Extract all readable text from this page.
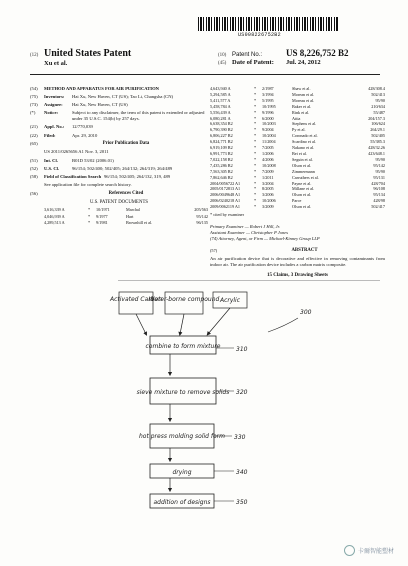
US008226752B2
(12) United States Patent
Xu et al.
(10) Patent No.:	US 8,226,752 B2
(45) Date of Patent:	Jul. 24, 2012
(54)	METHOD AND APPARATUS FOR AIR PURIFICATION
(75)	Inventors:	Hai Xu, New Haven, CT (US); Tao Li, Changsha (CN)
(73)	Assignee:	Hai Xu, New Haven, CT (US)
(*)	Notice:	Subject to any disclaimer, the term of this patent is extended or adjusted under 35 U.S.C. 154(b) by 257 days.
(21)	Appl. No.:	12/770,039
(22)	Filed:	Apr. 29, 2010
(65)	Prior Publication Data
US 2011/0265656 A1 Nov. 3, 2011
(51)	Int. Cl.	B01D 53/02 (2006.01)
(52)	U.S. Cl.	96/154; 502/400; 502/405; 264/132; 264/319; 264/489
(58)	Field of Classification Search 96/154; 502/405; 264/132, 319, 489
See application file for complete search history.
(56)	References Cited
U.S. PATENT DOCUMENTS
3,616,339 A	*	10/1971	Marchal	205/563
4,046,939 A	*	9/1977	Hart	95/142
4,289,513 A	*	9/1981	Brownhill et al.	96/135
4,643,940 A	*	2/1987	Shaw et al.	428/308.4
5,294,585 A	*	3/1994	Morean et al.	502/413
5,411,577 A	*	5/1995	Moreau et al.	95/90
5,458,784 A	*	10/1995	Baker et al.	210/634
5,556,439 A	*	9/1996	Rink et al.	55/487
6,080,281 A	*	6/2000	Attia	204/157.3
6,638,354 B2	*	10/2003	Stephens et al.	106/624
6,790,390 B2	*	9/2004	Py et al.	264/29.1
6,806,227 B2	*	10/2004	Coronado et al.	502/405
6,824,771 B2	*	11/2004	Scardino et al.	55/385.3
6,919,109 B2	*	7/2005	Nakano et al.	428/32.26
6,991,773 B2	*	1/2006	Bei et al.	423/648.1
7,022,158 B2	*	4/2006	Seguin et al.	95/90
7,435,286 B2	*	10/2008	Olson et al.	95/142
7,563,305 B2	*	7/2009	Zimmermann	95/90
7,862,646 B2	*	1/2011	Carruthers et al.	95/131
2004/0056722 A1	*	3/2004	Payne et al.	428/704
2005/0172813 A1	*	8/2005	Millane et al.	96/108
2006/0049648 A1	*	3/2006	Olson et al.	95/134
2006/0240218 A1	*	10/2006	Parce	428/98
2009/0062119 A1	*	3/2009	Olson et al.	502/417
* cited by examiner
Primary Examiner — Robert J Hill, Jr.
Assistant Examiner — Christopher P Jones
(74) Attorney, Agent, or Firm — Michael-Kinney Group LLP
(57)	ABSTRACT
An air purification device that is decorative and effective in removing contaminants from indoor air. The air purification device includes a carbon matrix composite.
15 Claims, 3 Drawing Sheets
Activated Carbon
Water-borne compound Acrylic
300
combine to form mixture	310
sieve mixture to remove solids 320
hot press molding solid form 330
drying	340
addition of designs	350
卡爾智能塑材
